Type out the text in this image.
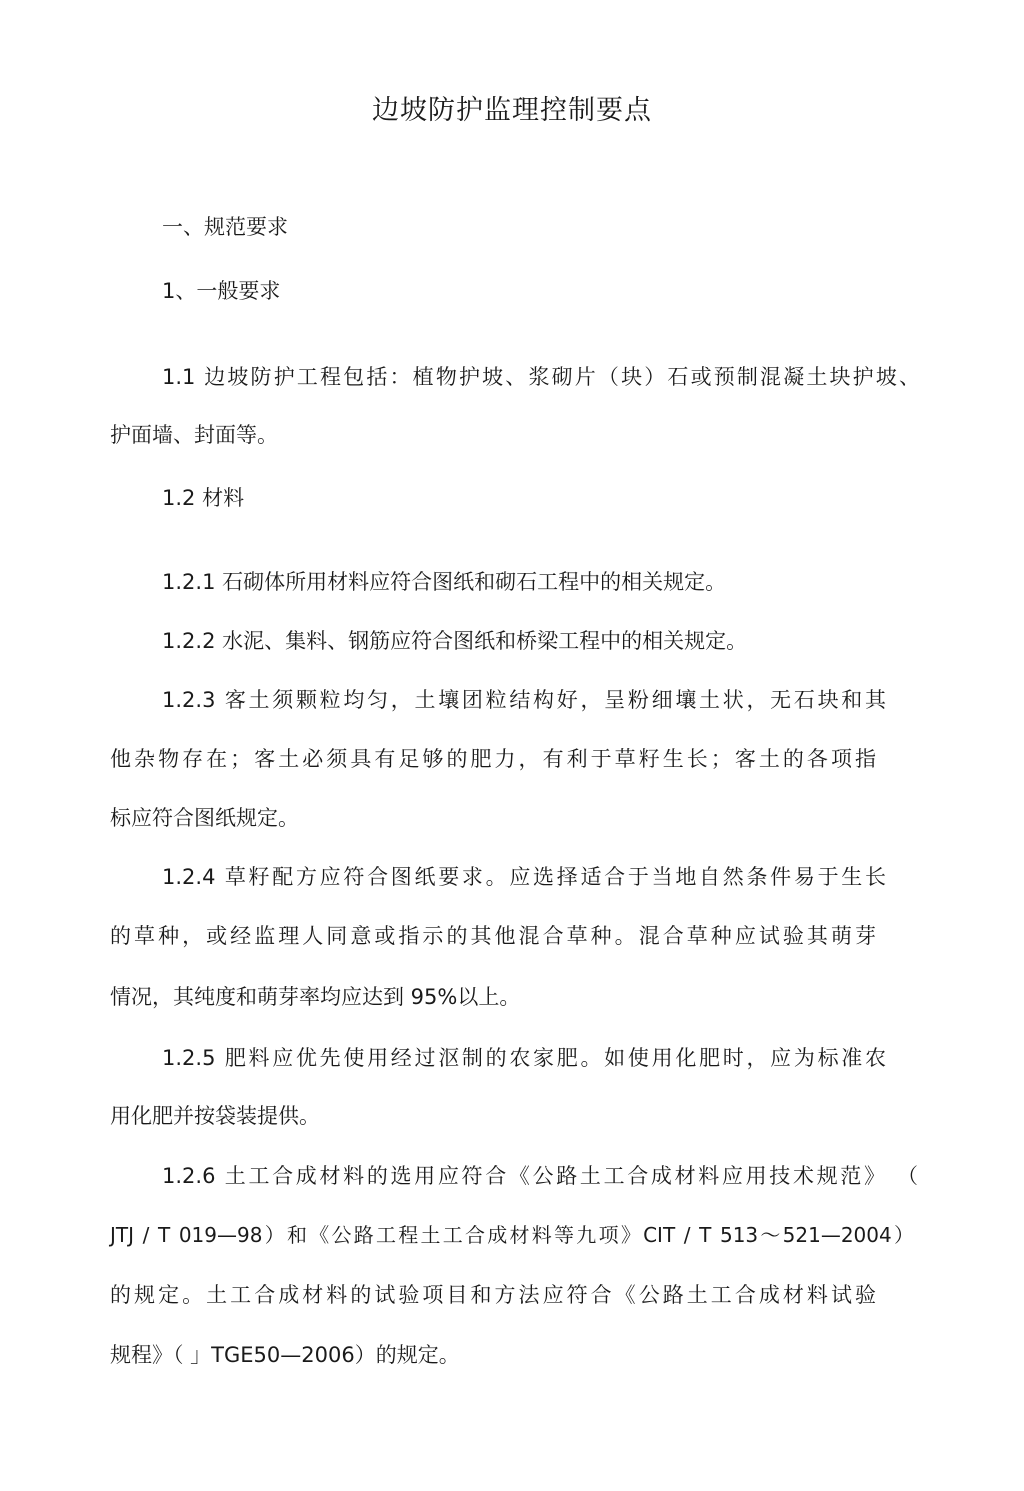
边坡防护监理控制要点
一、规范要求
1、一般要求
1.1 边坡防护工程包括：植物护坡、浆砌片（块）石或预制混凝土块护坡、
护面墙、封面等。
1.2 材料
1.2.1 石砌体所用材料应符合图纸和砌石工程中的相关规定。
1.2.2 水泥、集料、钢筋应符合图纸和桥梁工程中的相关规定。
1.2.3 客土须颗粒均匀，土壤团粒结构好，呈粉细壤土状，无石块和其
他杂物存在；客土必须具有足够的肥力，有利于草籽生长；客土的各项指
标应符合图纸规定。
1.2.4 草籽配方应符合图纸要求。应选择适合于当地自然条件易于生长
的草种，或经监理人同意或指示的其他混合草种。混合草种应试验其萌芽
情况，其纯度和萌芽率均应达到 95%以上。
1.2.5 肥料应优先使用经过沤制的农家肥。如使用化肥时，应为标准农
用化肥并按袋装提供。
1.2.6 土工合成材料的选用应符合《公路土工合成材料应用技术规范》 （
JTJ / T 019—98）和《公路工程土工合成材料等九项》CIT / T 513～521—2004）
的规定。土工合成材料的试验项目和方法应符合《公路土工合成材料试验
规程》（ 」TGE50—2006）的规定。
